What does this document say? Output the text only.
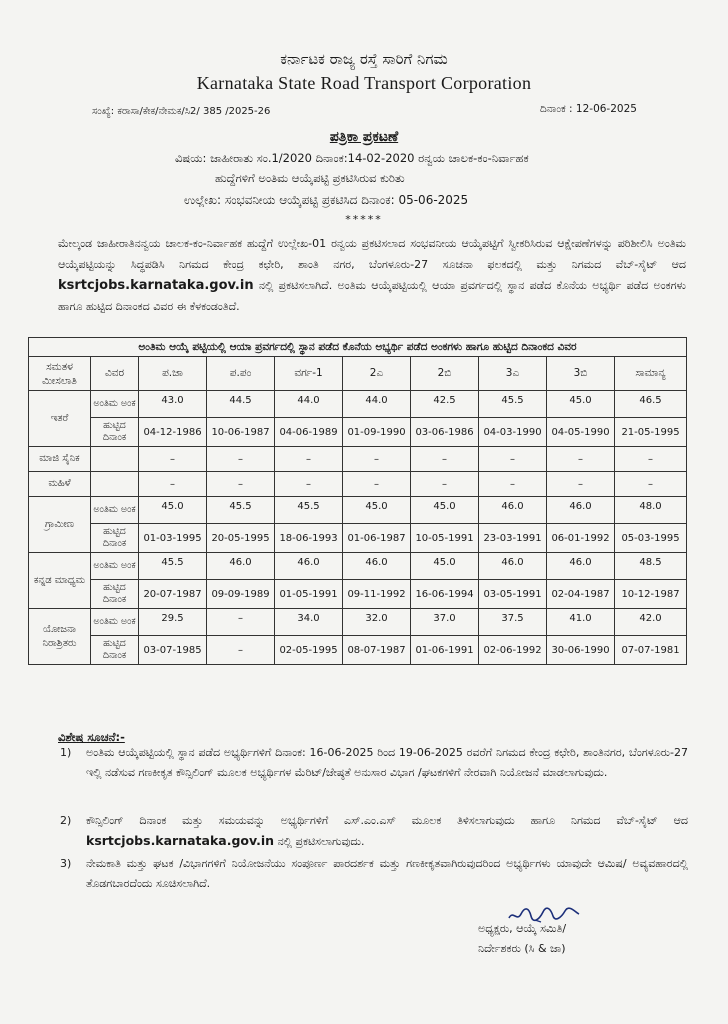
ಕರ್ನಾಟಕ ರಾಜ್ಯ ರಸ್ತೆ ಸಾರಿಗೆ ನಿಗಮ
Karnataka State Road Transport Corporation
ಸಂಖ್ಯೆ: ಕರಾಸಾ/ಕೇಕ/ನೇಮಕ/ಸಿ2/ 385 /2025-26	ದಿನಾಂಕ : 12-06-2025
ಪತ್ರಿಕಾ ಪ್ರಕಟಣೆ
ವಿಷಯ: ಜಾಹೀರಾತು ಸಂ.1/2020 ದಿನಾಂಕ:14-02-2020 ರನ್ವಯ ಚಾಲಕ-ಕಂ-ನಿರ್ವಾಹಕ
ಹುದ್ದೆಗಳಿಗೆ ಅಂತಿಮ ಆಯ್ಕೆಪಟ್ಟಿ ಪ್ರಕಟಿಸಿರುವ ಕುರಿತು
ಉಲ್ಲೇಖ: ಸಂಭವನೀಯ ಆಯ್ಕೆಪಟ್ಟಿ ಪ್ರಕಟಿಸಿದ ದಿನಾಂಕ: 05-06-2025
*****
ಮೇಲ್ಕಂಡ ಜಾಹೀರಾತಿನನ್ವಯ ಚಾಲಕ-ಕಂ-ನಿರ್ವಾಹಕ ಹುದ್ದೆಗೆ ಉಲ್ಲೇಖ-01 ರನ್ವಯ ಪ್ರಕಟಿಸಲಾದ ಸಂಭವನೀಯ ಆಯ್ಕೆಪಟ್ಟಿಗೆ ಸ್ವೀಕರಿಸಿರುವ ಆಕ್ಷೇಪಣೆಗಳನ್ನು ಪರಿಶೀಲಿಸಿ ಅಂತಿಮ ಆಯ್ಕೆಪಟ್ಟಿಯನ್ನು ಸಿದ್ಧಪಡಿಸಿ ನಿಗಮದ ಕೇಂದ್ರ ಕಛೇರಿ, ಶಾಂತಿ ನಗರ, ಬೆಂಗಳೂರು-27 ಸೂಚನಾ ಫಲಕದಲ್ಲಿ ಮತ್ತು ನಿಗಮದ ವೆಬ್-ಸೈಟ್ ಆದ ksrtcjobs.karnataka.gov.in ನಲ್ಲಿ ಪ್ರಕಟಿಸಲಾಗಿದೆ. ಅಂತಿಮ ಆಯ್ಕೆಪಟ್ಟಿಯಲ್ಲಿ ಆಯಾ ಪ್ರವರ್ಗದಲ್ಲಿ ಸ್ಥಾನ ಪಡೆದ ಕೊನೆಯ ಅಭ್ಯರ್ಥಿ ಪಡೆದ ಅಂಕಗಳು ಹಾಗೂ ಹುಟ್ಟಿದ ದಿನಾಂಕದ ವಿವರ ಈ ಕೆಳಕಂಡಂತಿದೆ.
ಅಂತಿಮ ಆಯ್ಕೆ ಪಟ್ಟಿಯಲ್ಲಿ ಆಯಾ ಪ್ರವರ್ಗದಲ್ಲಿ ಸ್ಥಾನ ಪಡೆದ ಕೊನೆಯ ಅಭ್ಯರ್ಥಿ ಪಡೆದ ಅಂಕಗಳು ಹಾಗೂ ಹುಟ್ಟಿದ ದಿನಾಂಕದ ವಿವರ									
ಸಮತಳ ಮೀಸಲಾತಿ	ವಿವರ	ಪ.ಜಾ	ಪ.ಪಂ	ವರ್ಗ-1	2ಎ	2ಬಿ	3ಎ	3ಬಿ	ಸಾಮಾನ್ಯ
ಇತರೆ	ಅಂತಿಮ ಅಂಕ	43.0	44.5	44.0	44.0	42.5	45.5	45.0	46.5
	ಹುಟ್ಟಿದ ದಿನಾಂಕ	04-12-1986	10-06-1987	04-06-1989	01-09-1990	03-06-1986	04-03-1990	04-05-1990	21-05-1995
ಮಾಜಿ ಸೈನಿಕ		–	–	–	–	–	–	–	–
ಮಹಿಳೆ		–	–	–	–	–	–	–	–
ಗ್ರಾಮೀಣ	ಅಂತಿಮ ಅಂಕ	45.0	45.5	45.5	45.0	45.0	46.0	46.0	48.0
	ಹುಟ್ಟಿದ ದಿನಾಂಕ	01-03-1995	20-05-1995	18-06-1993	01-06-1987	10-05-1991	23-03-1991	06-01-1992	05-03-1995
ಕನ್ನಡ ಮಾಧ್ಯಮ	ಅಂತಿಮ ಅಂಕ	45.5	46.0	46.0	46.0	45.0	46.0	46.0	48.5
	ಹುಟ್ಟಿದ ದಿನಾಂಕ	20-07-1987	09-09-1989	01-05-1991	09-11-1992	16-06-1994	03-05-1991	02-04-1987	10-12-1987
ಯೋಜನಾ ನಿರಾಶ್ರಿತರು	ಅಂತಿಮ ಅಂಕ	29.5	–	34.0	32.0	37.0	37.5	41.0	42.0
	ಹುಟ್ಟಿದ ದಿನಾಂಕ	03-07-1985	–	02-05-1995	08-07-1987	01-06-1991	02-06-1992	30-06-1990	07-07-1981
ವಿಶೇಷ ಸೂಚನೆ:-
1) ಅಂತಿಮ ಆಯ್ಕೆಪಟ್ಟಿಯಲ್ಲಿ ಸ್ಥಾನ ಪಡೆದ ಅಭ್ಯರ್ಥಿಗಳಿಗೆ ದಿನಾಂಕ: 16-06-2025 ರಿಂದ 19-06-2025 ರವರೆಗೆ ನಿಗಮದ ಕೇಂದ್ರ ಕಛೇರಿ, ಶಾಂತಿನಗರ, ಬೆಂಗಳೂರು-27 ಇಲ್ಲಿ ನಡೆಸುವ ಗಣಕೀಕೃತ ಕೌನ್ಸಿಲಿಂಗ್ ಮೂಲಕ ಅಭ್ಯರ್ಥಿಗಳ ಮೆರಿಟ್/ಜೇಷ್ಠತೆ ಅನುಸಾರ ವಿಭಾಗ /ಘಟಕಗಳಿಗೆ ನೇರವಾಗಿ ನಿಯೋಜನೆ ಮಾಡಲಾಗುವುದು.
2) ಕೌನ್ಸಿಲಿಂಗ್ ದಿನಾಂಕ ಮತ್ತು ಸಮಯವನ್ನು ಅಭ್ಯರ್ಥಿಗಳಿಗೆ ಎಸ್.ಎಂ.ಎಸ್ ಮೂಲಕ ತಿಳಿಸಲಾಗುವುದು ಹಾಗೂ ನಿಗಮದ ವೆಬ್-ಸೈಟ್ ಆದ ksrtcjobs.karnataka.gov.in ನಲ್ಲಿ ಪ್ರಕಟಿಸಲಾಗುವುದು.
3) ನೇಮಕಾತಿ ಮತ್ತು ಘಟಕ /ವಿಭಾಗಗಳಿಗೆ ನಿಯೋಜನೆಯು ಸಂಪೂರ್ಣ ಪಾರದರ್ಶಕ ಮತ್ತು ಗಣಕೀಕೃತವಾಗಿರುವುದರಿಂದ ಅಭ್ಯರ್ಥಿಗಳು ಯಾವುದೇ ಆಮಿಷ/ ಅವ್ಯವಹಾರದಲ್ಲಿ ತೊಡಗಬಾರದೆಂದು ಸೂಚಿಸಲಾಗಿದೆ.
ಅಧ್ಯಕ್ಷರು, ಆಯ್ಕೆ ಸಮಿತಿ/
ನಿರ್ದೇಶಕರು (ಸಿ & ಜಾ)
